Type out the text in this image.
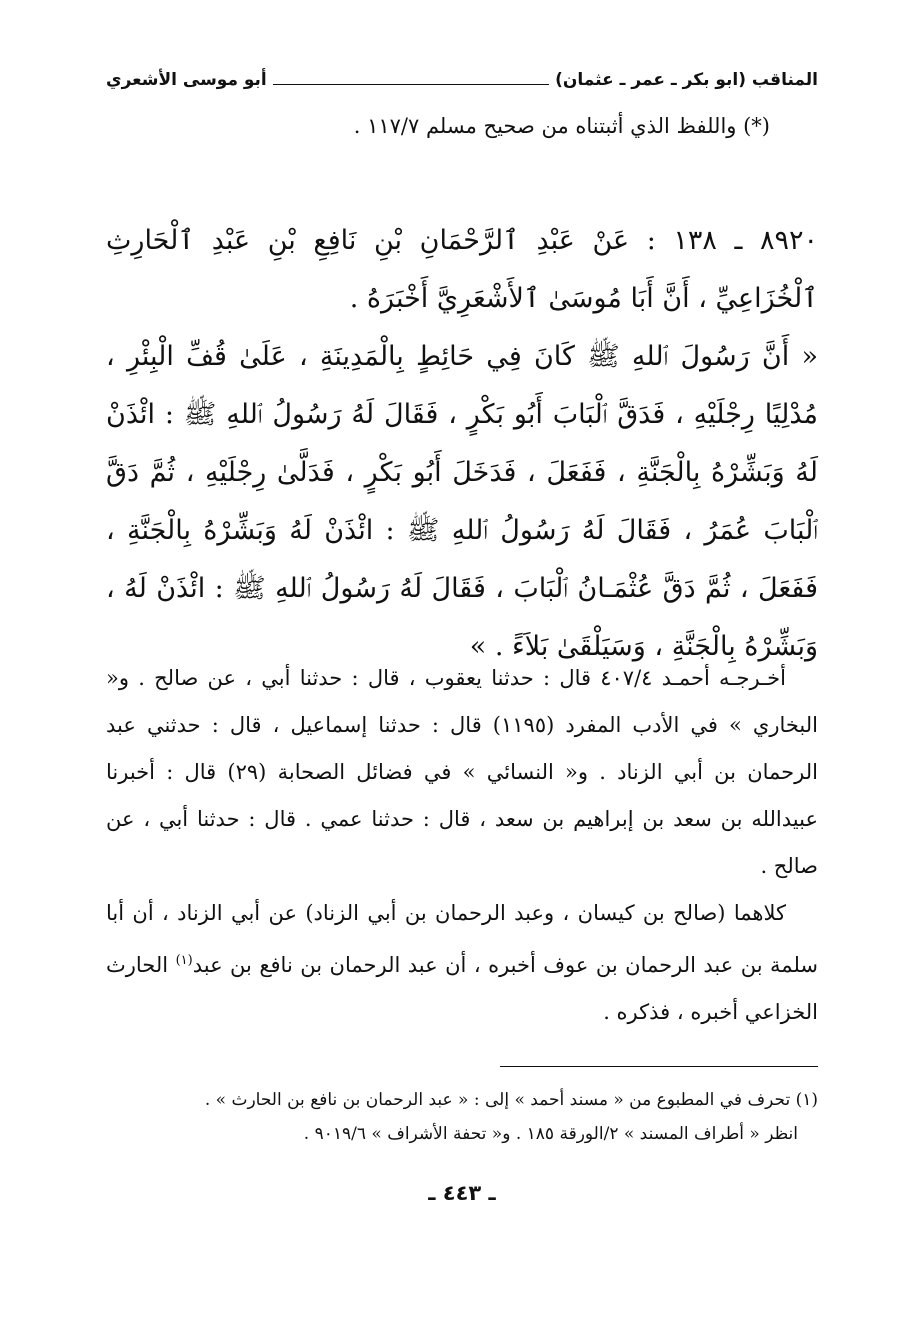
المناقب (ابو بكر ـ عمر ـ عثمان)
أبو موسى الأشعري
(*) واللفظ الذي أثبتناه من صحيح مسلم ١١٧/٧ .

٨٩٢٠ ـ ١٣٨ : عَنْ عَبْدِ ٱلرَّحْمَانِ بْنِ نَافِعِ بْنِ عَبْدِ ٱلْحَارِثِ ٱلْخُزَاعِيِّ ، أَنَّ أَبَا مُوسَىٰ ٱلأَشْعَرِيَّ أَخْبَرَهُ .

« أَنَّ رَسُولَ ٱللهِ ﷺ كَانَ فِي حَائِطٍ بِالْمَدِينَةِ ، عَلَىٰ قُفِّ الْبِئْرِ ، مُدْلِيًا رِجْلَيْهِ ، فَدَقَّ ٱلْبَابَ أَبُو بَكْرٍ ، فَقَالَ لَهُ رَسُولُ ٱللهِ ﷺ : ائْذَنْ لَهُ وَبَشِّرْهُ بِالْجَنَّةِ ، فَفَعَلَ ، فَدَخَلَ أَبُو بَكْرٍ ، فَدَلَّىٰ رِجْلَيْهِ ، ثُمَّ دَقَّ ٱلْبَابَ عُمَرُ ، فَقَالَ لَهُ رَسُولُ ٱللهِ ﷺ : ائْذَنْ لَهُ وَبَشِّرْهُ بِالْجَنَّةِ ، فَفَعَلَ ، ثُمَّ دَقَّ عُثْمَـانُ ٱلْبَابَ ، فَقَالَ لَهُ رَسُولُ ٱللهِ ﷺ : ائْذَنْ لَهُ ، وَبَشِّرْهُ بِالْجَنَّةِ ، وَسَيَلْقَىٰ بَلاَءً . »

أخـرجـه أحمـد ٤٠٧/٤ قال : حدثنا يعقوب ، قال : حدثنا أبي ، عن صالح . و« البخاري » في الأدب المفرد (١١٩٥) قال : حدثنا إسماعيل ، قال : حدثني عبد الرحمان بن أبي الزناد . و« النسائي » في فضائل الصحابة (٢٩) قال : أخبرنا عبيدالله بن سعد بن إبراهيم بن سعد ، قال : حدثنا عمي . قال : حدثنا أبي ، عن صالح .

كلاهما (صالح بن كيسان ، وعبد الرحمان بن أبي الزناد) عن أبي الزناد ، أن أبا سلمة بن عبد الرحمان بن عوف أخبره ، أن عبد الرحمان بن نافع بن عبد$^{(١)}$ الحارث الخزاعي أخبره ، فذكره .

(١) تحرف في المطبوع من « مسند أحمد » إلى : « عبد الرحمان بن نافع بن الحارث » .

انظر « أطراف المسند » ٢/الورقة ١٨٥ . و« تحفة الأشراف » ٩٠١٩/٦ .

ـ ٤٤٣ ـ
